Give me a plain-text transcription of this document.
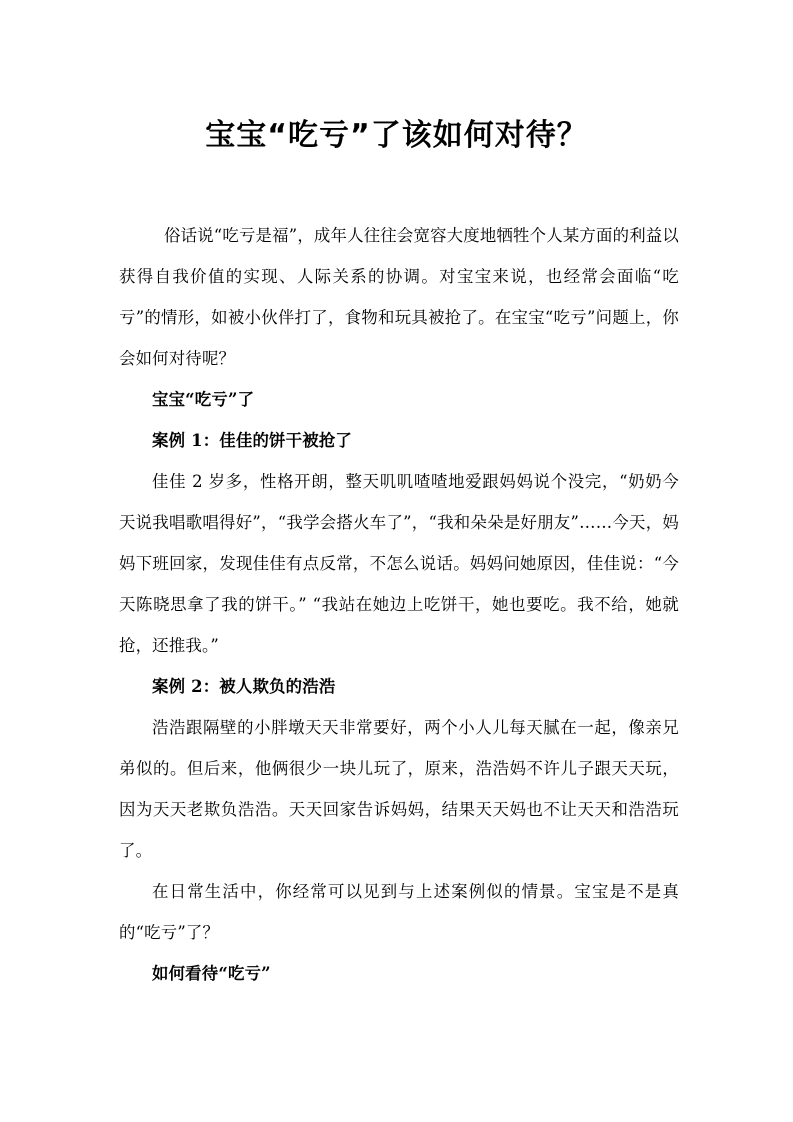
宝宝“吃亏”了该如何对待？

俗话说“吃亏是福”，成年人往往会宽容大度地牺牲个人某方面的利益以获得自我价值的实现、人际关系的协调。对宝宝来说，也经常会面临“吃亏”的情形，如被小伙伴打了，食物和玩具被抢了。在宝宝“吃亏”问题上，你会如何对待呢？

宝宝“吃亏”了

案例 1：佳佳的饼干被抢了

佳佳 2 岁多，性格开朗，整天叽叽喳喳地爱跟妈妈说个没完，“奶奶今天说我唱歌唱得好”，“我学会搭火车了”，“我和朵朵是好朋友”……今天，妈妈下班回家，发现佳佳有点反常，不怎么说话。妈妈问她原因，佳佳说：“今天陈晓思拿了我的饼干。” “我站在她边上吃饼干，她也要吃。我不给，她就抢，还推我。”

案例 2：被人欺负的浩浩

浩浩跟隔壁的小胖墩天天非常要好，两个小人儿每天腻在一起，像亲兄弟似的。但后来，他俩很少一块儿玩了，原来，浩浩妈不许儿子跟天天玩，因为天天老欺负浩浩。天天回家告诉妈妈，结果天天妈也不让天天和浩浩玩了。

在日常生活中，你经常可以见到与上述案例似的情景。宝宝是不是真的“吃亏”了？

如何看待“吃亏”
